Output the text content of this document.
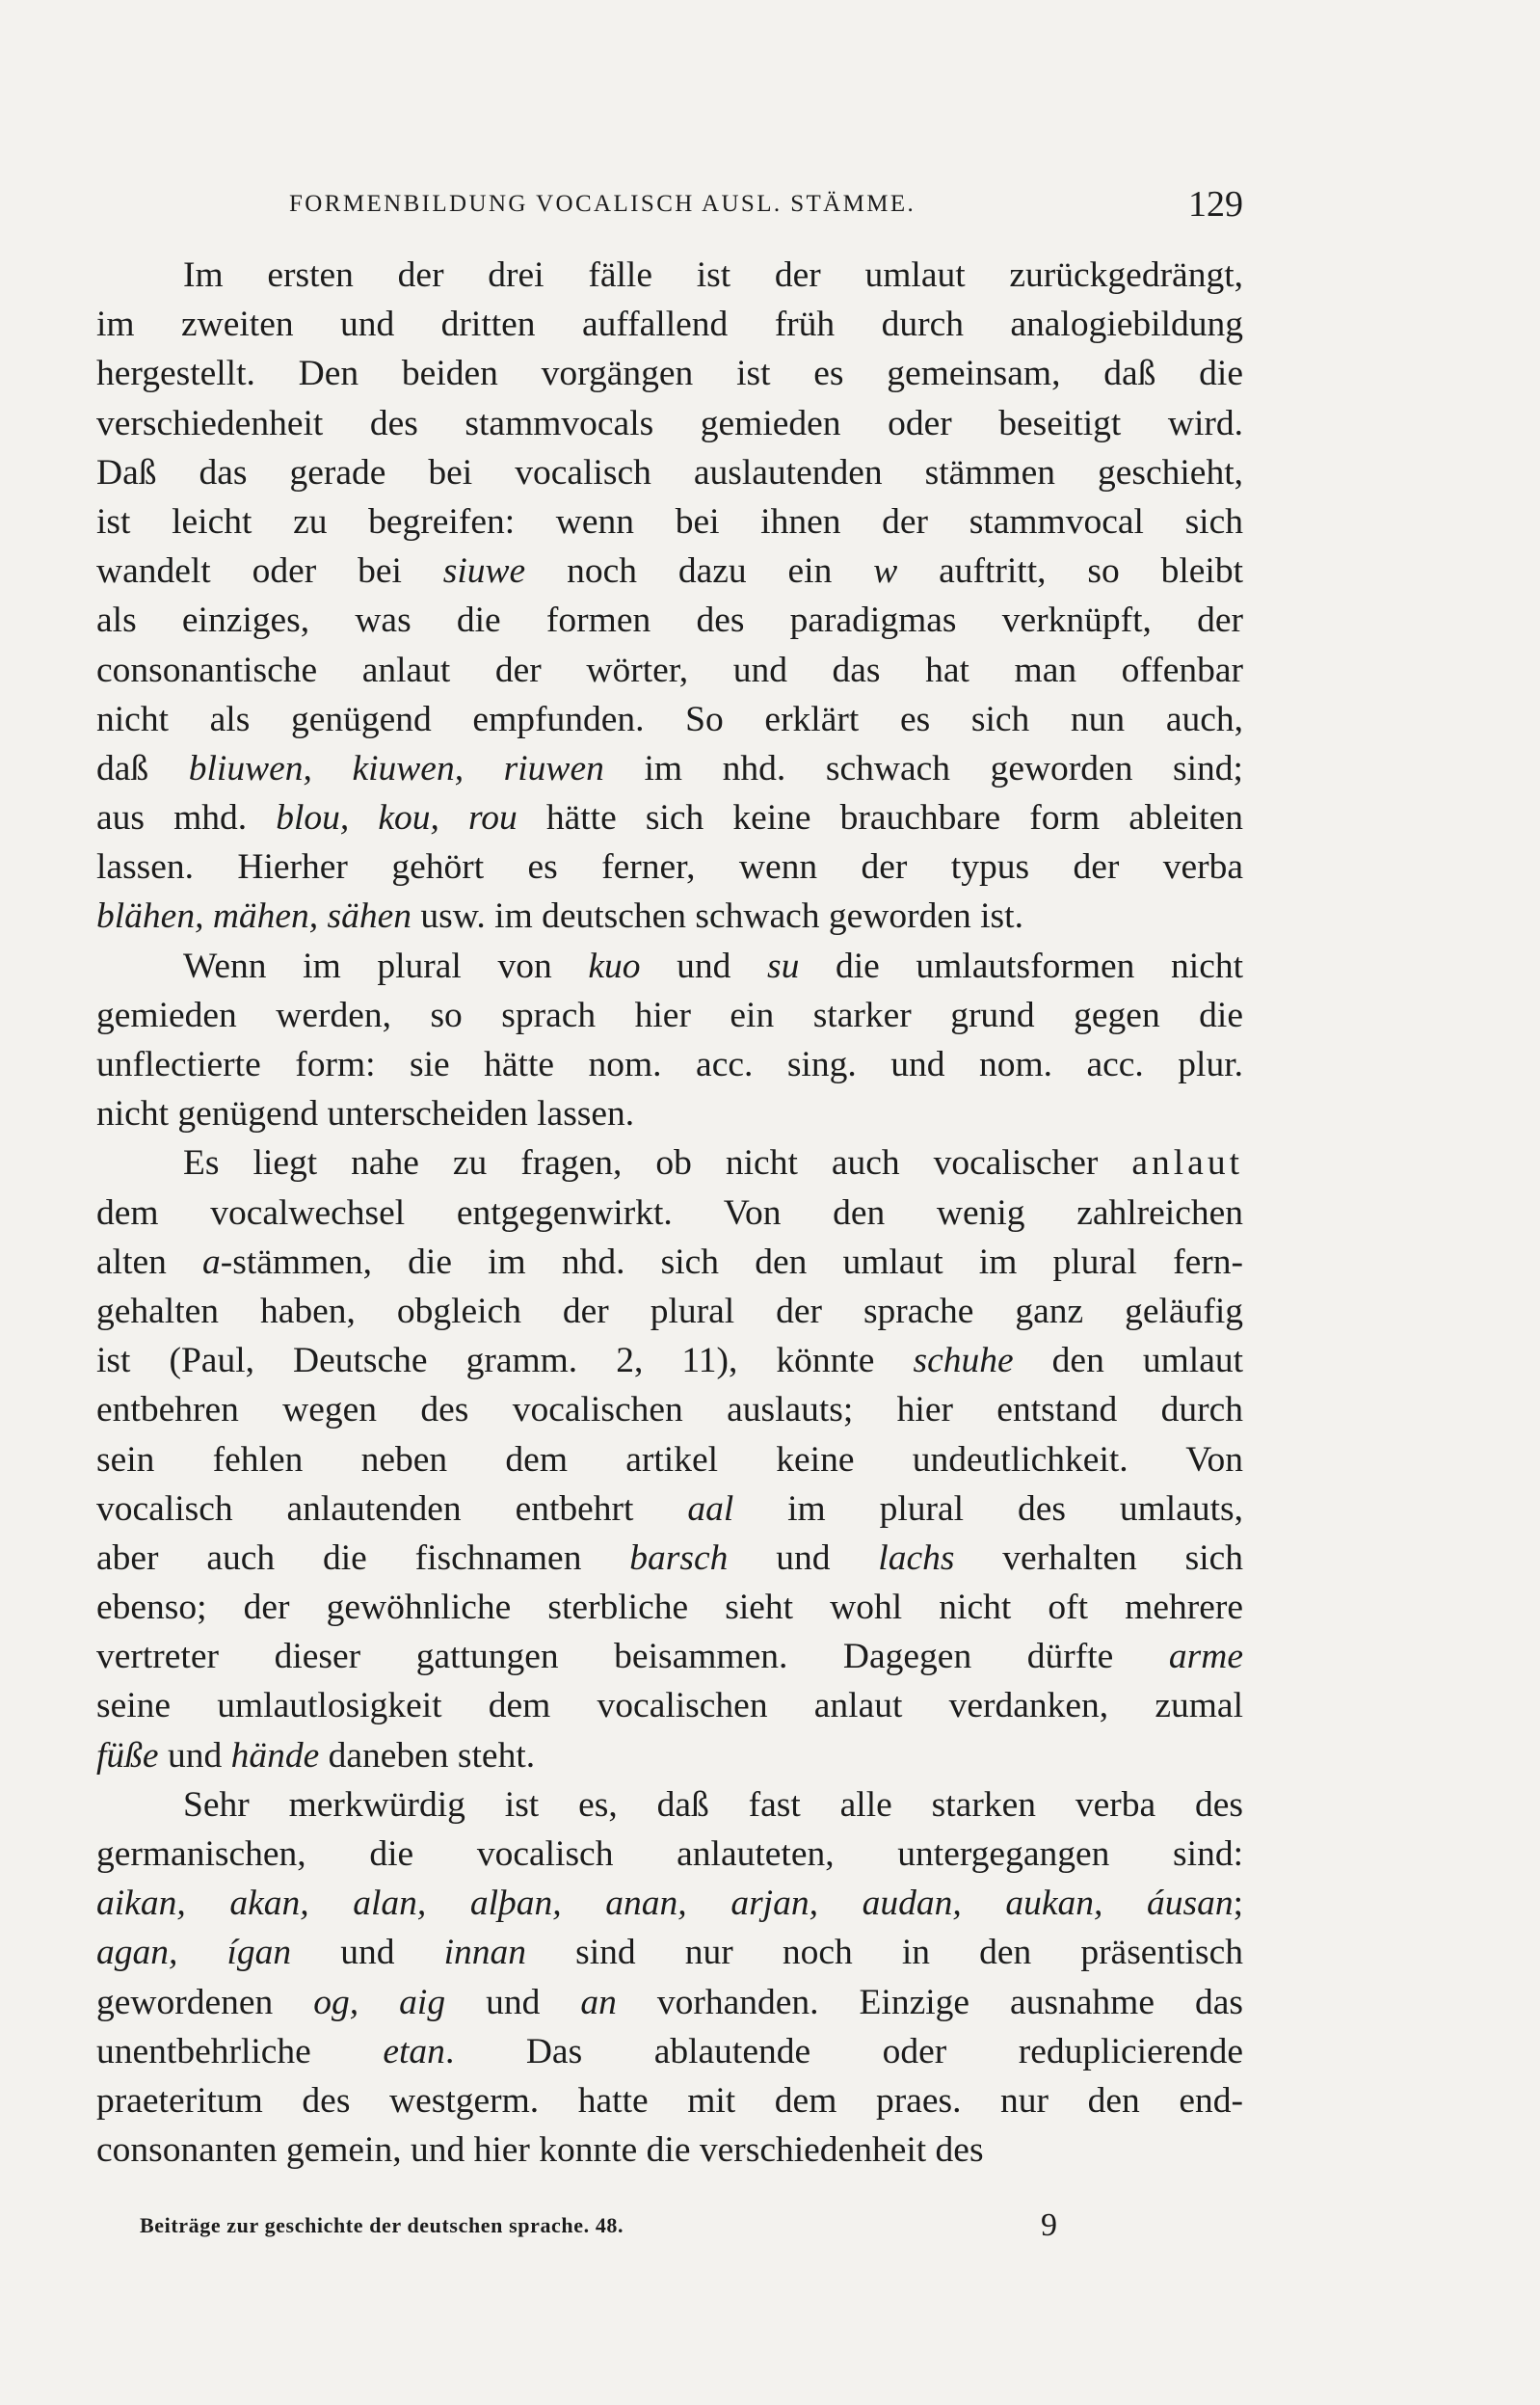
FORMENBILDUNG VOCALISCH AUSL. STÄMME.	129
Im ersten der drei fälle ist der umlaut zurückgedrängt,
im zweiten und dritten auffallend früh durch analogiebildung
hergestellt. Den beiden vorgängen ist es gemeinsam, daß die
verschiedenheit des stammvocals gemieden oder beseitigt wird.
Daß das gerade bei vocalisch auslautenden stämmen geschieht,
ist leicht zu begreifen: wenn bei ihnen der stammvocal sich
wandelt oder bei siuwe noch dazu ein w auftritt, so bleibt
als einziges, was die formen des paradigmas verknüpft, der
consonantische anlaut der wörter, und das hat man offenbar
nicht als genügend empfunden. So erklärt es sich nun auch,
daß bliuwen, kiuwen, riuwen im nhd. schwach geworden sind;
aus mhd. blou, kou, rou hätte sich keine brauchbare form ableiten
lassen. Hierher gehört es ferner, wenn der typus der verba
blähen, mähen, sähen usw. im deutschen schwach geworden ist.
Wenn im plural von kuo und su die umlautsformen nicht
gemieden werden, so sprach hier ein starker grund gegen die
unflectierte form: sie hätte nom. acc. sing. und nom. acc. plur.
nicht genügend unterscheiden lassen.
Es liegt nahe zu fragen, ob nicht auch vocalischer anlaut
dem vocalwechsel entgegenwirkt. Von den wenig zahlreichen
alten a-stämmen, die im nhd. sich den umlaut im plural fern-
gehalten haben, obgleich der plural der sprache ganz geläufig
ist (Paul, Deutsche gramm. 2, 11), könnte schuhe den umlaut
entbehren wegen des vocalischen auslauts; hier entstand durch
sein fehlen neben dem artikel keine undeutlichkeit. Von
vocalisch anlautenden entbehrt aal im plural des umlauts,
aber auch die fischnamen barsch und lachs verhalten sich
ebenso; der gewöhnliche sterbliche sieht wohl nicht oft mehrere
vertreter dieser gattungen beisammen. Dagegen dürfte arme
seine umlautlosigkeit dem vocalischen anlaut verdanken, zumal
füße und hände daneben steht.
Sehr merkwürdig ist es, daß fast alle starken verba des
germanischen, die vocalisch anlauteten, untergegangen sind:
aikan, akan, alan, alþan, anan, arjan, audan, aukan, áusan;
agan, ígan und innan sind nur noch in den präsentisch
gewordenen og, aig und an vorhanden. Einzige ausnahme das
unentbehrliche etan. Das ablautende oder reduplicierende
praeteritum des westgerm. hatte mit dem praes. nur den end-
consonanten gemein, und hier konnte die verschiedenheit des
Beiträge zur geschichte der deutschen sprache. 48.	9
